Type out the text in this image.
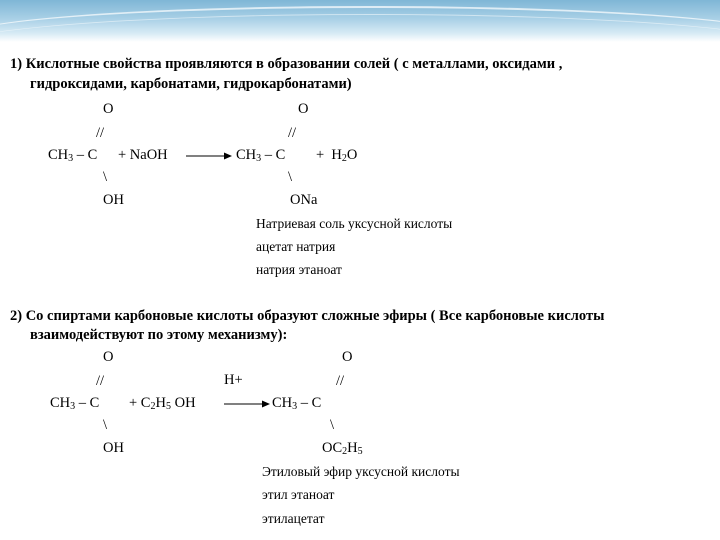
1) Кислотные свойства проявляются в образовании солей ( с металлами, оксидами ,
гидроксидами, карбонатами, гидрокарбонатами)
O
//
$CH_3$ – C + NaOH
\
OH
O
//
$CH_3 - C + H_2O$
\
ONa
Натриевая соль уксусной кислоты
ацетат натрия
натрия этаноат
2) Со спиртами карбоновые кислоты образуют сложные эфиры ( Все карбоновые кислоты
взаимодействуют по этому механизму):
O
//
$CH_3 - C + C_2H_5$ OH
\
OH
H+
O
//
$CH_3$ – C
\
$OC_2H_5$
Этиловый эфир уксусной кислоты
этил этаноат
этилацетат
